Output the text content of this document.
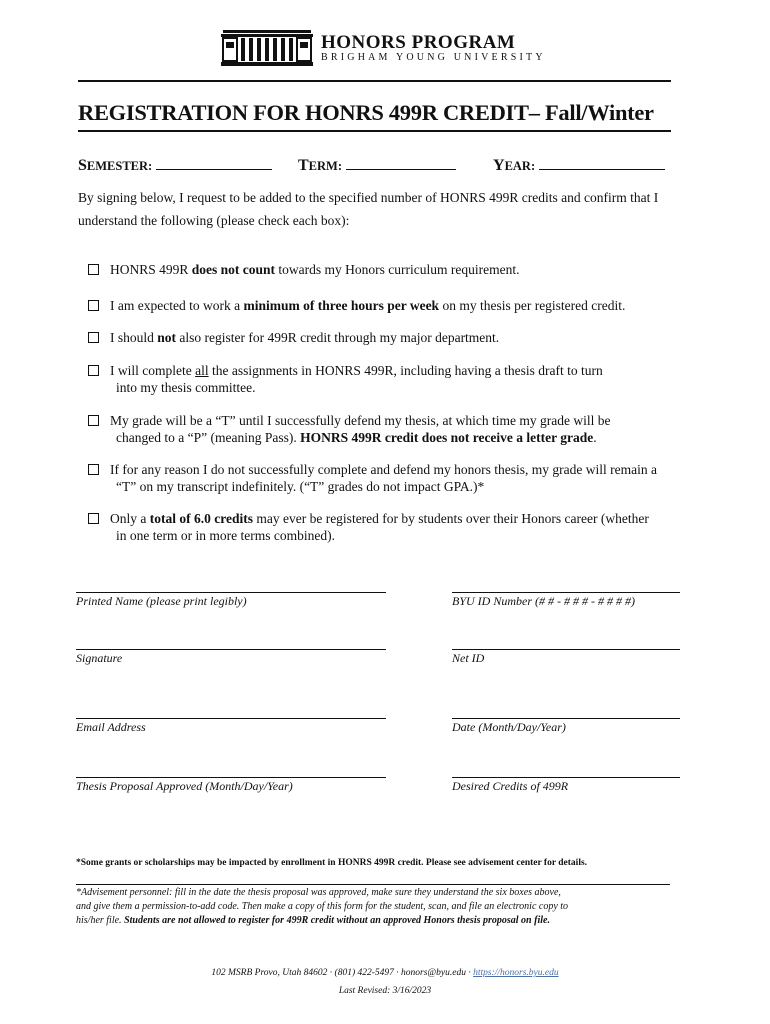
HONORS PROGRAM
BRIGHAM YOUNG UNIVERSITY
REGISTRATION FOR HONRS 499R CREDIT– Fall/Winter
SEMESTER:	TERM:	YEAR:
By signing below, I request to be added to the specified number of HONRS 499R credits and confirm that I understand the following (please check each box):
HONRS 499R does not count towards my Honors curriculum requirement.
I am expected to work a minimum of three hours per week on my thesis per registered credit.
I should not also register for 499R credit through my major department.
I will complete all the assignments in HONRS 499R, including having a thesis draft to turn
into my thesis committee.
My grade will be a “T” until I successfully defend my thesis, at which time my grade will be
changed to a “P” (meaning Pass). HONRS 499R credit does not receive a letter grade.
If for any reason I do not successfully complete and defend my honors thesis, my grade will remain a
“T” on my transcript indefinitely. (“T” grades do not impact GPA.)*
Only a total of 6.0 credits may ever be registered for by students over their Honors career (whether
in one term or in more terms combined).
Printed Name (please print legibly)	BYU ID Number (# # - # # # - # # # #)
Signature	Net ID
Email Address	Date (Month/Day/Year)
Thesis Proposal Approved (Month/Day/Year)	Desired Credits of 499R
*Some grants or scholarships may be impacted by enrollment in HONRS 499R credit. Please see advisement center for details.
*Advisement personnel: fill in the date the thesis proposal was approved, make sure they understand the six boxes above,
and give them a permission-to-add code. Then make a copy of this form for the student, scan, and file an electronic copy to
his/her file. Students are not allowed to register for 499R credit without an approved Honors thesis proposal on file.
102 MSRB Provo, Utah 84602 · (801) 422-5497 · honors@byu.edu · https://honors.byu.edu
Last Revised: 3/16/2023
